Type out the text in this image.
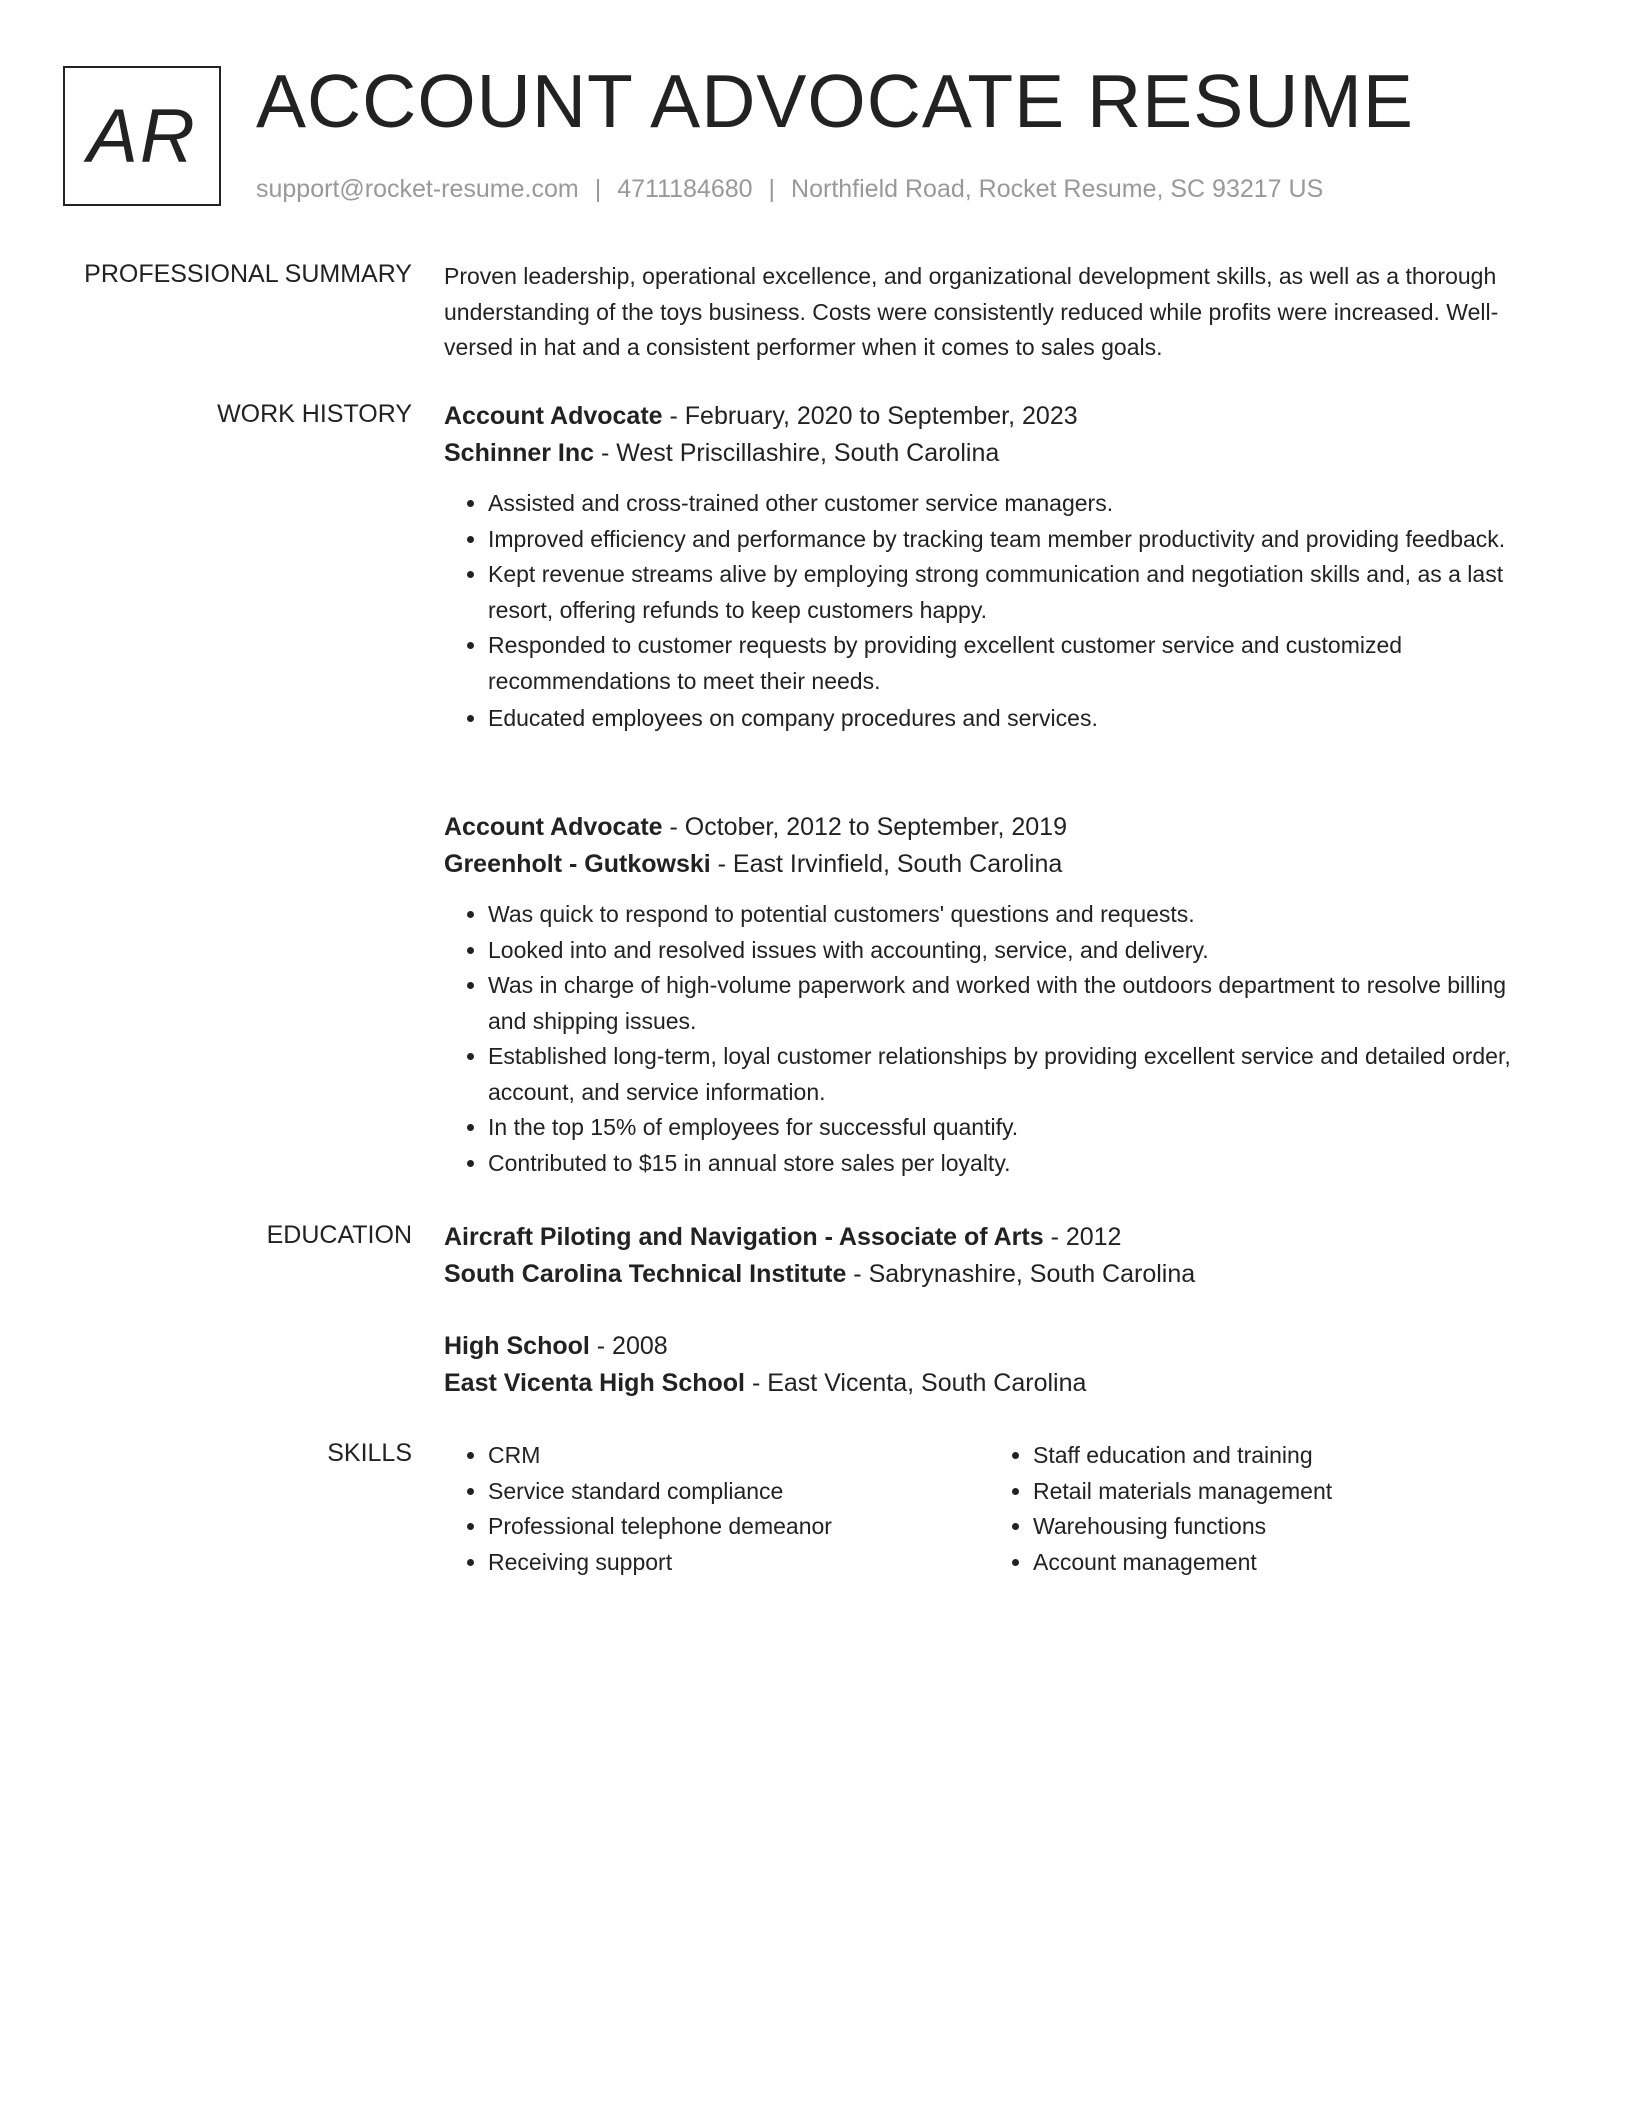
AR ACCOUNT ADVOCATE RESUME
support@rocket-resume.com | 4711184680 | Northfield Road, Rocket Resume, SC 93217 US
PROFESSIONAL SUMMARY Proven leadership, operational excellence, and organizational development skills, as well as a thorough understanding of the toys business. Costs were consistently reduced while profits were increased. Well-versed in hat and a consistent performer when it comes to sales goals.

WORK HISTORY Account Advocate - February, 2020 to September, 2023

Schinner Inc - West Priscillashire, South Carolina

• Assisted and cross-trained other customer service managers.
• Improved efficiency and performance by tracking team member productivity and providing feedback.
• Kept revenue streams alive by employing strong communication and negotiation skills and, as a last resort, offering refunds to keep customers happy.
• Responded to customer requests by providing excellent customer service and customized recommendations to meet their needs.
• Educated employees on company procedures and services.

Account Advocate - October, 2012 to September, 2019

Greenholt - Gutkowski - East Irvinfield, South Carolina

• Was quick to respond to potential customers' questions and requests.
• Looked into and resolved issues with accounting, service, and delivery.
• Was in charge of high-volume paperwork and worked with the outdoors department to resolve billing and shipping issues.
• Established long-term, loyal customer relationships by providing excellent service and detailed order, account, and service information.
• In the top 15% of employees for successful quantify.
• Contributed to $15 in annual store sales per loyalty.
EDUCATION Aircraft Piloting and Navigation - Associate of Arts - 2012

South Carolina Technical Institute - Sabrynashire, South Carolina

High School - 2008

East Vicenta High School - East Vicenta, South Carolina

SKILLS
•	CRM
• Service standard compliance
• Professional telephone demeanor
• Receiving support
• Staff education and training
• Retail materials management
• Warehousing functions
• Account management
